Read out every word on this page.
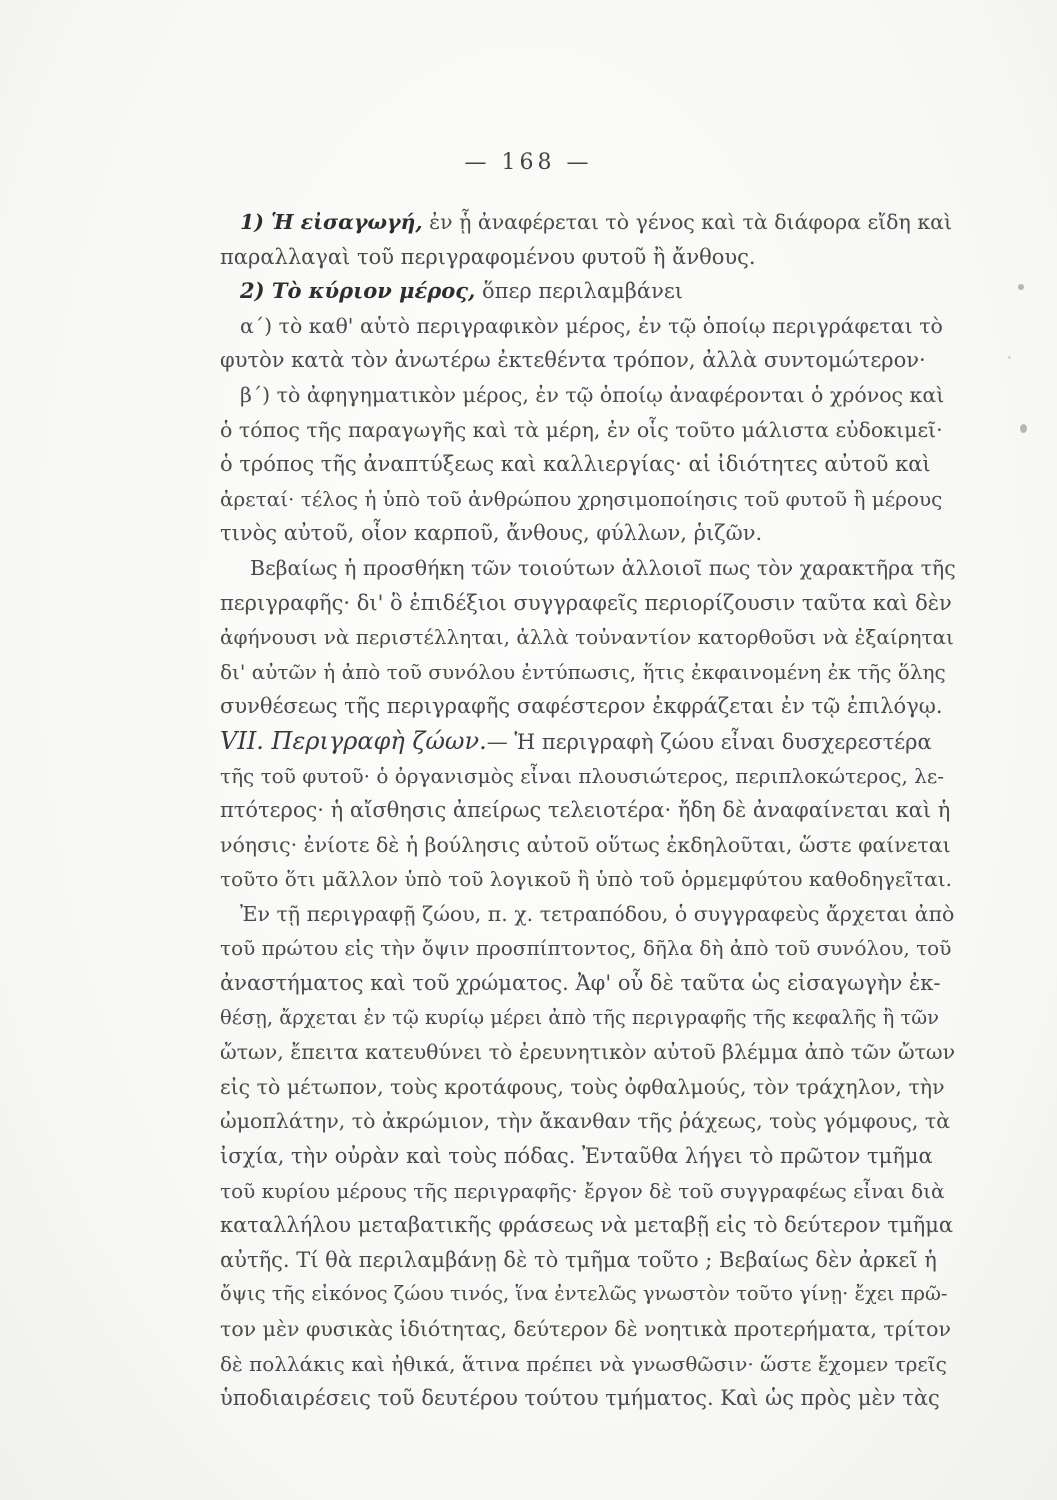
— 168 —
1) Ἡ εἰσαγωγή, ἐν ᾗ ἀναφέρεται τὸ γένος καὶ τὰ διάφορα εἴδη καὶ
παραλλαγαὶ τοῦ περιγραφομένου φυτοῦ ἢ ἄνθους.
2) Τὸ κύριον μέρος, ὅπερ περιλαμβάνει
α΄) τὸ καθ' αὑτὸ περιγραφικὸν μέρος, ἐν τῷ ὁποίῳ περιγράφεται τὸ
φυτὸν κατὰ τὸν ἀνωτέρω ἐκτεθέντα τρόπον, ἀλλὰ συντομώτερον·
β΄) τὸ ἀφηγηματικὸν μέρος, ἐν τῷ ὁποίῳ ἀναφέρονται ὁ χρόνος καὶ
ὁ τόπος τῆς παραγωγῆς καὶ τὰ μέρη, ἐν οἷς τοῦτο μάλιστα εὐδοκιμεῖ·
ὁ τρόπος τῆς ἀναπτύξεως καὶ καλλιεργίας· αἱ ἰδιότητες αὐτοῦ καὶ
ἀρεταί· τέλος ἡ ὑπὸ τοῦ ἀνθρώπου χρησιμοποίησις τοῦ φυτοῦ ἢ μέρους
τινὸς αὐτοῦ, οἷον καρποῦ, ἄνθους, φύλλων, ῥιζῶν.
Βεβαίως ἡ προσθήκη τῶν τοιούτων ἀλλοιοῖ πως τὸν χαρακτῆρα τῆς
περιγραφῆς· δι' ὃ ἐπιδέξιοι συγγραφεῖς περιορίζουσιν ταῦτα καὶ δὲν
ἀφήνουσι νὰ περιστέλληται, ἀλλὰ τοὐναντίον κατορθοῦσι νὰ ἐξαίρηται
δι' αὐτῶν ἡ ἀπὸ τοῦ συνόλου ἐντύπωσις, ἥτις ἐκφαινομένη ἐκ τῆς ὅλης
συνθέσεως τῆς περιγραφῆς σαφέστερον ἐκφράζεται ἐν τῷ ἐπιλόγῳ.
VII. Περιγραφὴ ζώων.— Ἡ περιγραφὴ ζώου εἶναι δυσχερεστέρα
τῆς τοῦ φυτοῦ· ὁ ὀργανισμὸς εἶναι πλουσιώτερος, περιπλοκώτερος, λε-
πτότερος· ἡ αἴσθησις ἀπείρως τελειοτέρα· ἤδη δὲ ἀναφαίνεται καὶ ἡ
νόησις· ἐνίοτε δὲ ἡ βούλησις αὐτοῦ οὕτως ἐκδηλοῦται, ὥστε φαίνεται
τοῦτο ὅτι μᾶλλον ὑπὸ τοῦ λογικοῦ ἢ ὑπὸ τοῦ ὁρμεμφύτου καθοδηγεῖται.
Ἐν τῇ περιγραφῇ ζώου, π. χ. τετραπόδου, ὁ συγγραφεὺς ἄρχεται ἀπὸ
τοῦ πρώτου εἰς τὴν ὄψιν προσπίπτοντος, δῆλα δὴ ἀπὸ τοῦ συνόλου, τοῦ
ἀναστήματος καὶ τοῦ χρώματος. Ἀφ' οὗ δὲ ταῦτα ὡς εἰσαγωγὴν ἐκ-
θέσῃ, ἄρχεται ἐν τῷ κυρίῳ μέρει ἀπὸ τῆς περιγραφῆς τῆς κεφαλῆς ἢ τῶν
ὤτων, ἔπειτα κατευθύνει τὸ ἐρευνητικὸν αὐτοῦ βλέμμα ἀπὸ τῶν ὤτων
εἰς τὸ μέτωπον, τοὺς κροτάφους, τοὺς ὀφθαλμούς, τὸν τράχηλον, τὴν
ὠμοπλάτην, τὸ ἀκρώμιον, τὴν ἄκανθαν τῆς ῥάχεως, τοὺς γόμφους, τὰ
ἰσχία, τὴν οὐρὰν καὶ τοὺς πόδας. Ἐνταῦθα λήγει τὸ πρῶτον τμῆμα
τοῦ κυρίου μέρους τῆς περιγραφῆς· ἔργον δὲ τοῦ συγγραφέως εἶναι διὰ
καταλλήλου μεταβατικῆς φράσεως νὰ μεταβῇ εἰς τὸ δεύτερον τμῆμα
αὐτῆς. Τί θὰ περιλαμβάνῃ δὲ τὸ τμῆμα τοῦτο ; Βεβαίως δὲν ἀρκεῖ ἡ
ὄψις τῆς εἰκόνος ζώου τινός, ἵνα ἐντελῶς γνωστὸν τοῦτο γίνῃ· ἔχει πρῶ-
τον μὲν φυσικὰς ἰδιότητας, δεύτερον δὲ νοητικὰ προτερήματα, τρίτον
δὲ πολλάκις καὶ ἠθικά, ἅτινα πρέπει νὰ γνωσθῶσιν· ὥστε ἔχομεν τρεῖς
ὑποδιαιρέσεις τοῦ δευτέρου τούτου τμήματος. Καὶ ὡς πρὸς μὲν τὰς
